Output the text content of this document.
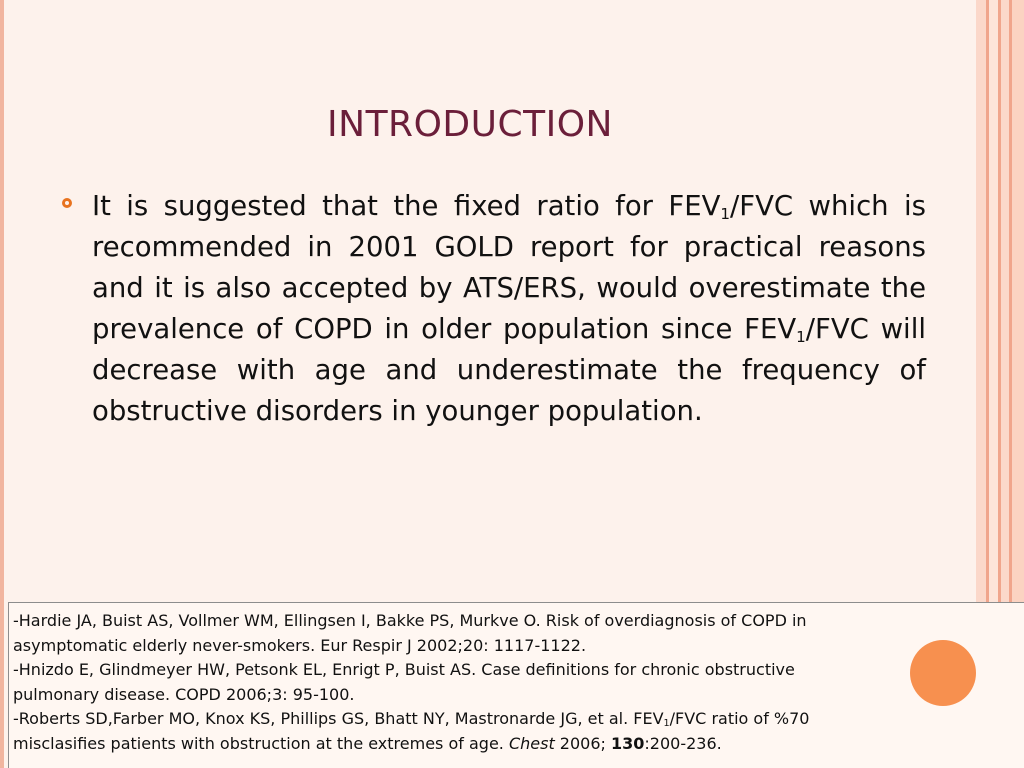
INTRODUCTION

It is suggested that the fixed ratio for $FEV_1$/FVC which is recommended in 2001 GOLD report for practical reasons and it is also accepted by ATS/ERS, would overestimate the prevalence of COPD in older population since $FEV_1$/FVC will decrease with age and underestimate the frequency of obstructive disorders in younger population.

-Hardie JA, Buist AS, Vollmer WM, Ellingsen I, Bakke PS, Murkve O. Risk of overdiagnosis of COPD in

asymptomatic elderly never-smokers. Eur Respir J 2002;20: 1117-1122.

-Hnizdo E, Glindmeyer HW, Petsonk EL, Enrigt P, Buist AS. Case definitions for chronic obstructive

pulmonary disease. COPD 2006;3: 95-100.

-Roberts SD,Farber MO, Knox KS, Phillips GS, Bhatt NY, Mastronarde JG, et al. $FEV_1$/FVC ratio of %70

misclasifies patients with obstruction at the extremes of age. Chest 2006; 130:200-236.
